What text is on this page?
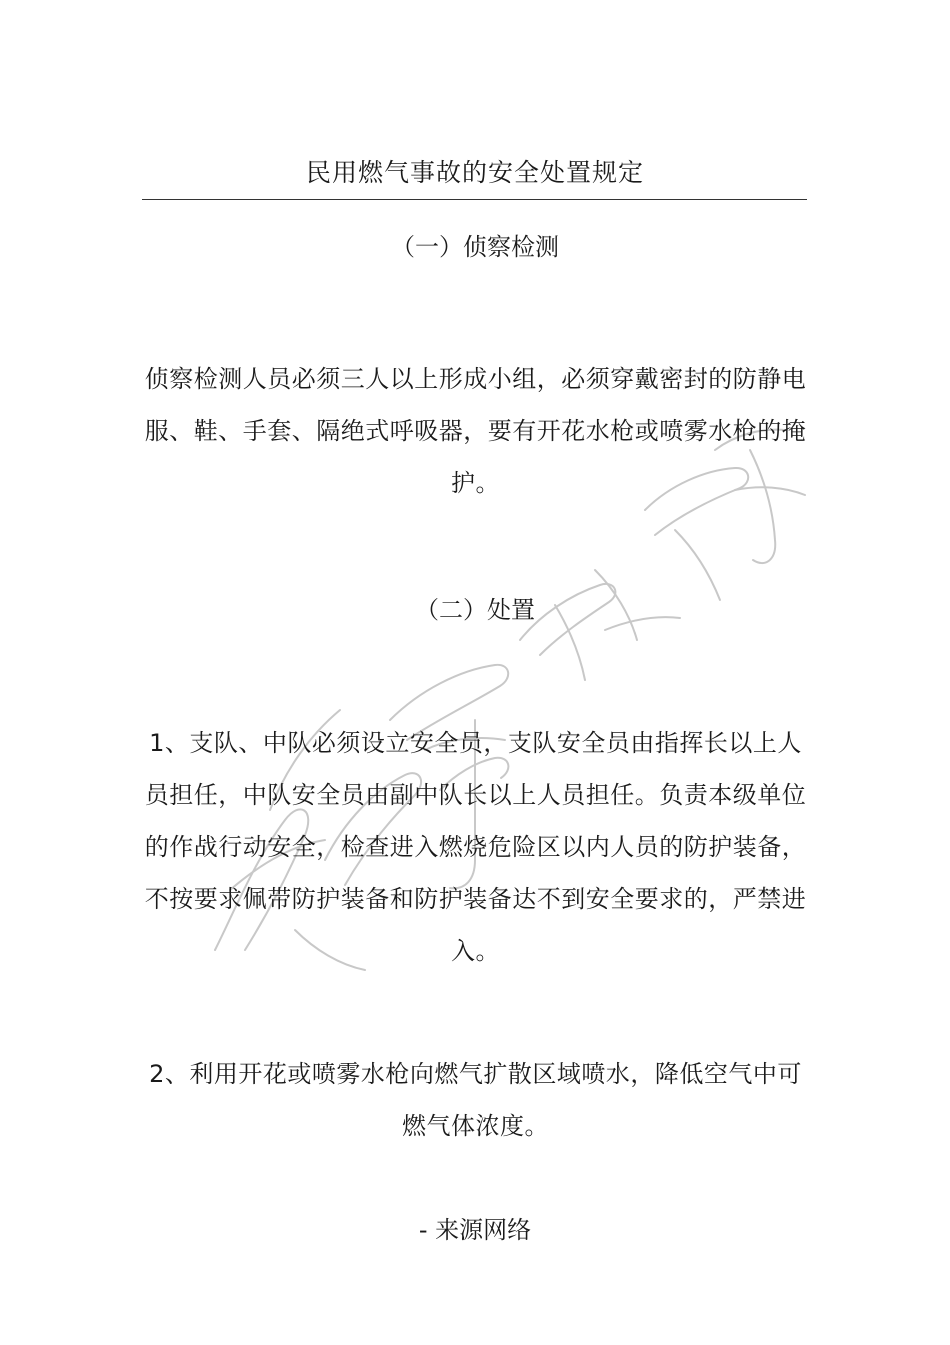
民用燃气事故的安全处置规定
（一）侦察检测
侦察检测人员必须三人以上形成小组，必须穿戴密封的防静电服、鞋、手套、隔绝式呼吸器，要有开花水枪或喷雾水枪的掩护。
（二）处置
1、支队、中队必须设立安全员，支队安全员由指挥长以上人员担任，中队安全员由副中队长以上人员担任。负责本级单位的作战行动安全，检查进入燃烧危险区以内人员的防护装备，不按要求佩带防护装备和防护装备达不到安全要求的，严禁进入。
2、利用开花或喷雾水枪向燃气扩散区域喷水，降低空气中可燃气体浓度。
- 来源网络
